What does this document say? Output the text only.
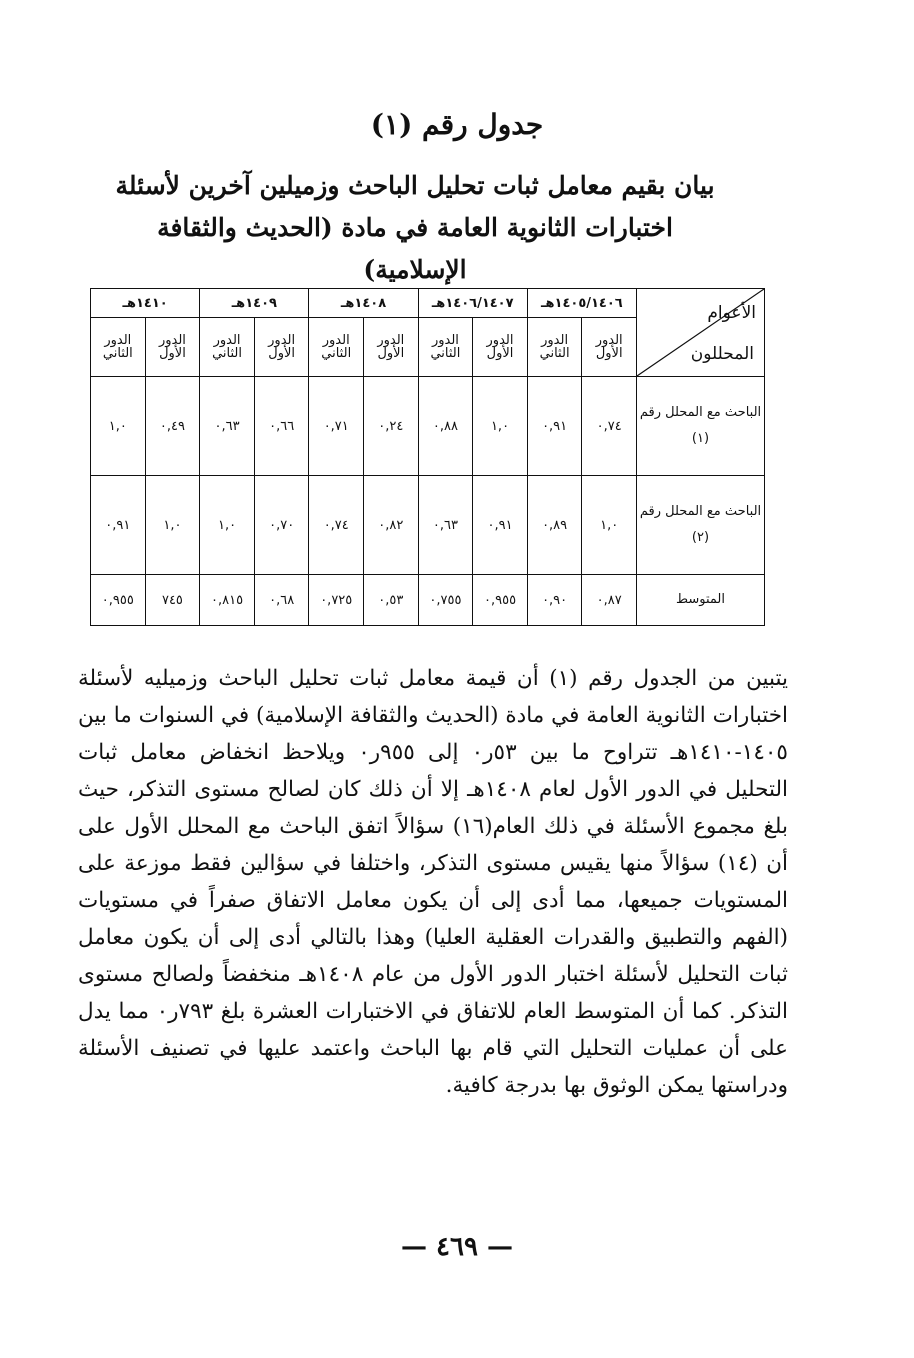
جدول رقم (١)
بيان بقيم معامل ثبات تحليل الباحث وزميلين آخرين لأسئلة
اختبارات الثانوية العامة في مادة (الحديث والثقافة الإسلامية)
الأعوام
المحللون	١٤٠٥/١٤٠٦هـ		١٤٠٦/١٤٠٧هـ		١٤٠٨هـ		١٤٠٩هـ		١٤١٠هـ	
	الدور الأول	الدور الثاني	الدور الأول	الدور الثاني	الدور الأول	الدور الثاني	الدور الأول	الدور الثاني	الدور الأول	الدور الثاني
الباحث مع المحلل رقم (١)	٠,٧٤	٠,٩١	١,٠	٠,٨٨	٠,٢٤	٠,٧١	٠,٦٦	٠,٦٣	٠,٤٩	١,٠
الباحث مع المحلل رقم (٢)	١,٠	٠,٨٩	٠,٩١	٠,٦٣	٠,٨٢	٠,٧٤	٠,٧٠	١,٠	١,٠	٠,٩١
المتوسط	٠,٨٧	٠,٩٠	٠,٩٥٥	٠,٧٥٥	٠,٥٣	٠,٧٢٥	٠,٦٨	٠,٨١٥	٧٤٥	٠,٩٥٥
يتبين من الجدول رقم (١) أن قيمة معامل ثبات تحليل الباحث وزميليه لأسئلة اختبارات الثانوية العامة في مادة (الحديث والثقافة الإسلامية) في السنوات ما بين ١٤٠٥-١٤١٠هـ تتراوح ما بين ٥٣ر٠ إلى ٩٥٥ر٠ ويلاحظ انخفاض معامل ثبات التحليل في الدور الأول لعام ١٤٠٨هـ إلا أن ذلك كان لصالح مستوى التذكر، حيث بلغ مجموع الأسئلة في ذلك العام(١٦) سؤالاً اتفق الباحث مع المحلل الأول على أن (١٤) سؤالاً منها يقيس مستوى التذكر، واختلفا في سؤالين فقط موزعة على المستويات جميعها، مما أدى إلى أن يكون معامل الاتفاق صفراً في مستويات (الفهم والتطبيق والقدرات العقلية العليا) وهذا بالتالي أدى إلى أن يكون معامل ثبات التحليل لأسئلة اختبار الدور الأول من عام ١٤٠٨هـ منخفضاً ولصالح مستوى التذكر. كما أن المتوسط العام للاتفاق في الاختبارات العشرة بلغ ٧٩٣ر٠ مما يدل على أن عمليات التحليل التي قام بها الباحث واعتمد عليها في تصنيف الأسئلة ودراستها يمكن الوثوق بها بدرجة كافية.
— ٤٦٩ —
